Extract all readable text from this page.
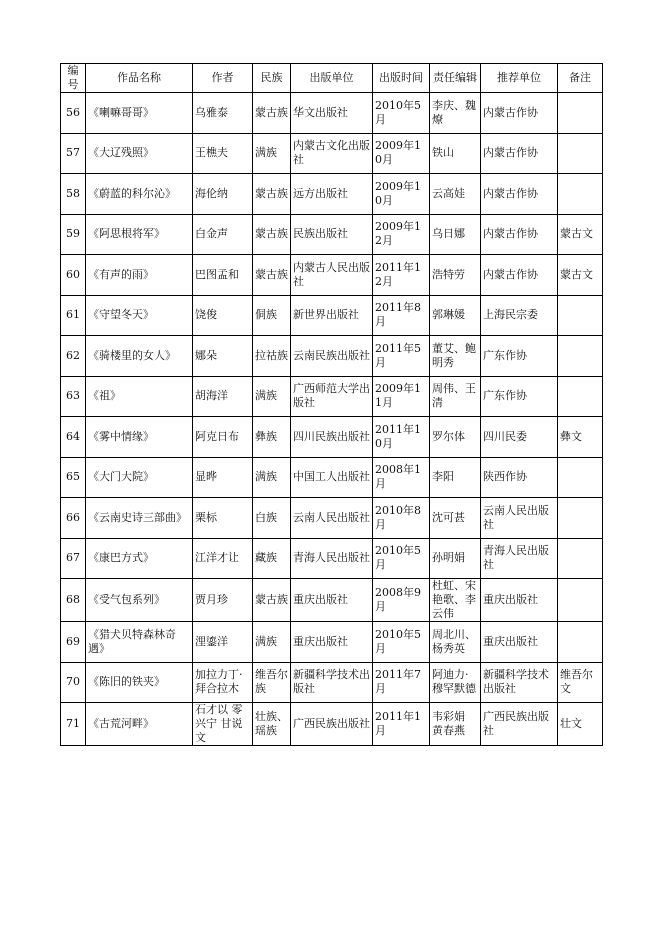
编号	作品名称	作者	民族	出版单位	出版时间	责任编辑	推荐单位	备注
56	《喇嘛哥哥》	乌雅泰	蒙古族	华文出版社	2010年5月	李庆、魏燎	内蒙古作协	
57	《大辽残照》	王樵夫	满族	内蒙古文化出版社	2009年10月	铁山	内蒙古作协	
58	《蔚蓝的科尔沁》	海伦纳	蒙古族	远方出版社	2009年10月	云高娃	内蒙古作协	
59	《阿思根将军》	白金声	蒙古族	民族出版社	2009年12月	乌日娜	内蒙古作协	蒙古文
60	《有声的雨》	巴图孟和	蒙古族	内蒙古人民出版社	2011年12月	浩特劳	内蒙古作协	蒙古文
61	《守望冬天》	饶俊	侗族	新世界出版社	2011年8月	郭琳媛	上海民宗委	
62	《骑楼里的女人》	娜朵	拉祜族	云南民族出版社	2011年5月	董艾、鲍明秀	广东作协	
63	《祖》	胡海洋	满族	广西师范大学出版社	2009年11月	周伟、王清	广东作协	
64	《雾中情缘》	阿克日布	彝族	四川民族出版社	2011年10月	罗尔体	四川民委	彝文
65	《大门大院》	显晔	满族	中国工人出版社	2008年1月	李阳	陕西作协	
66	《云南史诗三部曲》	栗标	白族	云南人民出版社	2010年8月	沈可甚	云南人民出版社	
67	《康巴方式》	江洋才让	藏族	青海人民出版社	2010年5月	孙明娟	青海人民出版社	
68	《受气包系列》	贾月珍	蒙古族	重庆出版社	2008年9月	杜虹、宋艳歌、李云伟	重庆出版社	
69	《猎犬贝特森林奇遇》	浬鎏洋	满族	重庆出版社	2010年5月	周北川、杨秀英	重庆出版社	
70	《陈旧的铁夹》	加拉力丁·拜合拉木	维吾尔族	新疆科学技术出版社	2011年7月	阿迪力·穆罕默德	新疆科学技术出版社	维吾尔文
71	《古荒河畔》	石才以 零兴宁 甘说文	壮族、瑶族	广西民族出版社	2011年1月	韦彩娟 黄春燕	广西民族出版社	壮文
